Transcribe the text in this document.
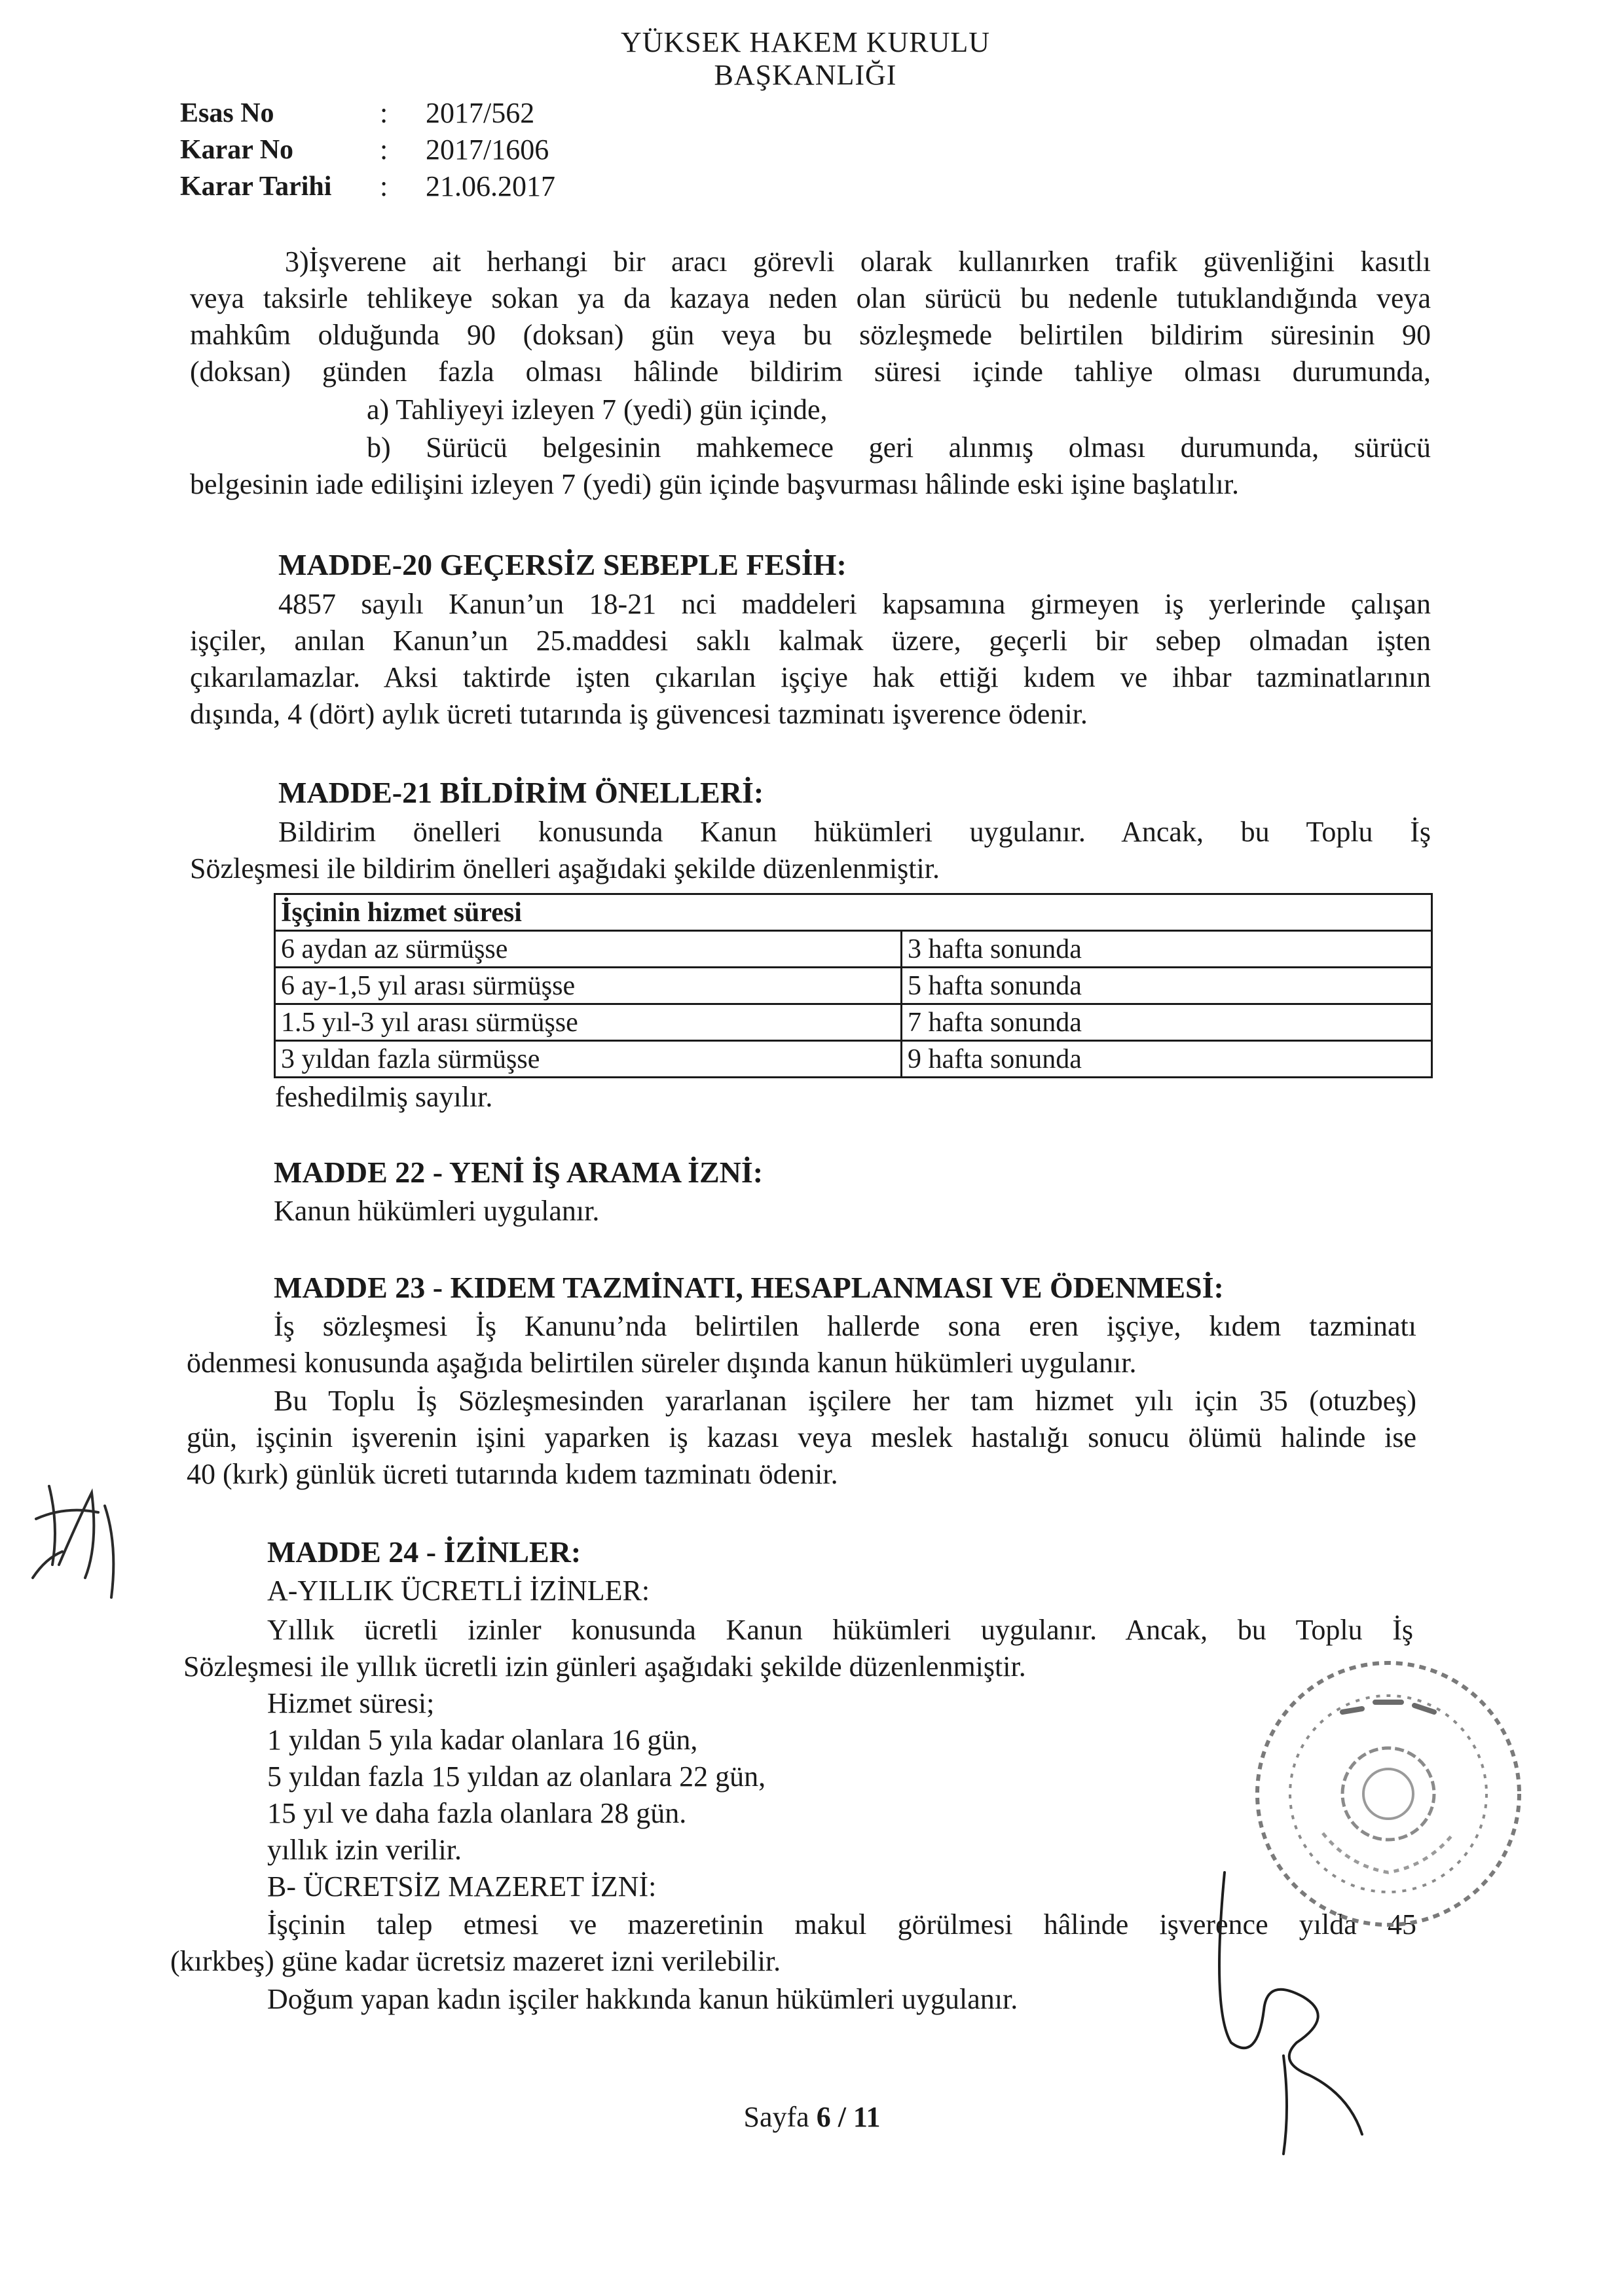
YÜKSEK HAKEM KURULU
BAŞKANLIĞI
Esas No	: 2017/562
Karar No	: 2017/1606
Karar Tarihi : 21.06.2017
3)İşverene ait herhangi bir aracı görevli olarak kullanırken trafik güvenliğini kasıtlı
veya taksirle tehlikeye sokan ya da kazaya neden olan sürücü bu nedenle tutuklandığında veya
mahkûm olduğunda 90 (doksan) gün veya bu sözleşmede belirtilen bildirim süresinin 90
(doksan) günden fazla olması hâlinde bildirim süresi içinde tahliye olması durumunda,
a) Tahliyeyi izleyen 7 (yedi) gün içinde,
b) Sürücü belgesinin mahkemece geri alınmış olması durumunda, sürücü
belgesinin iade edilişini izleyen 7 (yedi) gün içinde başvurması hâlinde eski işine başlatılır.
MADDE-20 GEÇERSİZ SEBEPLE FESİH:
4857 sayılı Kanun’un 18-21 nci maddeleri kapsamına girmeyen iş yerlerinde çalışan
işçiler, anılan Kanun’un 25.maddesi saklı kalmak üzere, geçerli bir sebep olmadan işten
çıkarılamazlar. Aksi taktirde işten çıkarılan işçiye hak ettiği kıdem ve ihbar tazminatlarının
dışında, 4 (dört) aylık ücreti tutarında iş güvencesi tazminatı işverence ödenir.
MADDE-21 BİLDİRİM ÖNELLERİ:
Bildirim önelleri konusunda Kanun hükümleri uygulanır. Ancak, bu Toplu İş
Sözleşmesi ile bildirim önelleri aşağıdaki şekilde düzenlenmiştir.
İşçinin hizmet süresi	
6 aydan az sürmüşse	3 hafta sonunda
6 ay-1,5 yıl arası sürmüşse	5 hafta sonunda
1.5 yıl-3 yıl arası sürmüşse	7 hafta sonunda
3 yıldan fazla sürmüşse	9 hafta sonunda
feshedilmiş sayılır.
MADDE 22 - YENİ İŞ ARAMA İZNİ:
Kanun hükümleri uygulanır.
MADDE 23 - KIDEM TAZMİNATI, HESAPLANMASI VE ÖDENMESİ:
İş sözleşmesi İş Kanunu’nda belirtilen hallerde sona eren işçiye, kıdem tazminatı
ödenmesi konusunda aşağıda belirtilen süreler dışında kanun hükümleri uygulanır.
Bu Toplu İş Sözleşmesinden yararlanan işçilere her tam hizmet yılı için 35 (otuzbeş)
gün, işçinin işverenin işini yaparken iş kazası veya meslek hastalığı sonucu ölümü halinde ise
40 (kırk) günlük ücreti tutarında kıdem tazminatı ödenir.
MADDE 24 - İZİNLER:
A-YILLIK ÜCRETLİ İZİNLER:
Yıllık ücretli izinler konusunda Kanun hükümleri uygulanır. Ancak, bu Toplu İş
Sözleşmesi ile yıllık ücretli izin günleri aşağıdaki şekilde düzenlenmiştir.
Hizmet süresi;
1 yıldan 5 yıla kadar olanlara 16 gün,
5 yıldan fazla 15 yıldan az olanlara 22 gün,
15 yıl ve daha fazla olanlara 28 gün.
yıllık izin verilir.
B- ÜCRETSİZ MAZERET İZNİ:
İşçinin talep etmesi ve mazeretinin makul görülmesi hâlinde işverence yılda 45
(kırkbeş) güne kadar ücretsiz mazeret izni verilebilir.
Doğum yapan kadın işçiler hakkında kanun hükümleri uygulanır.
Sayfa 6 / 11
